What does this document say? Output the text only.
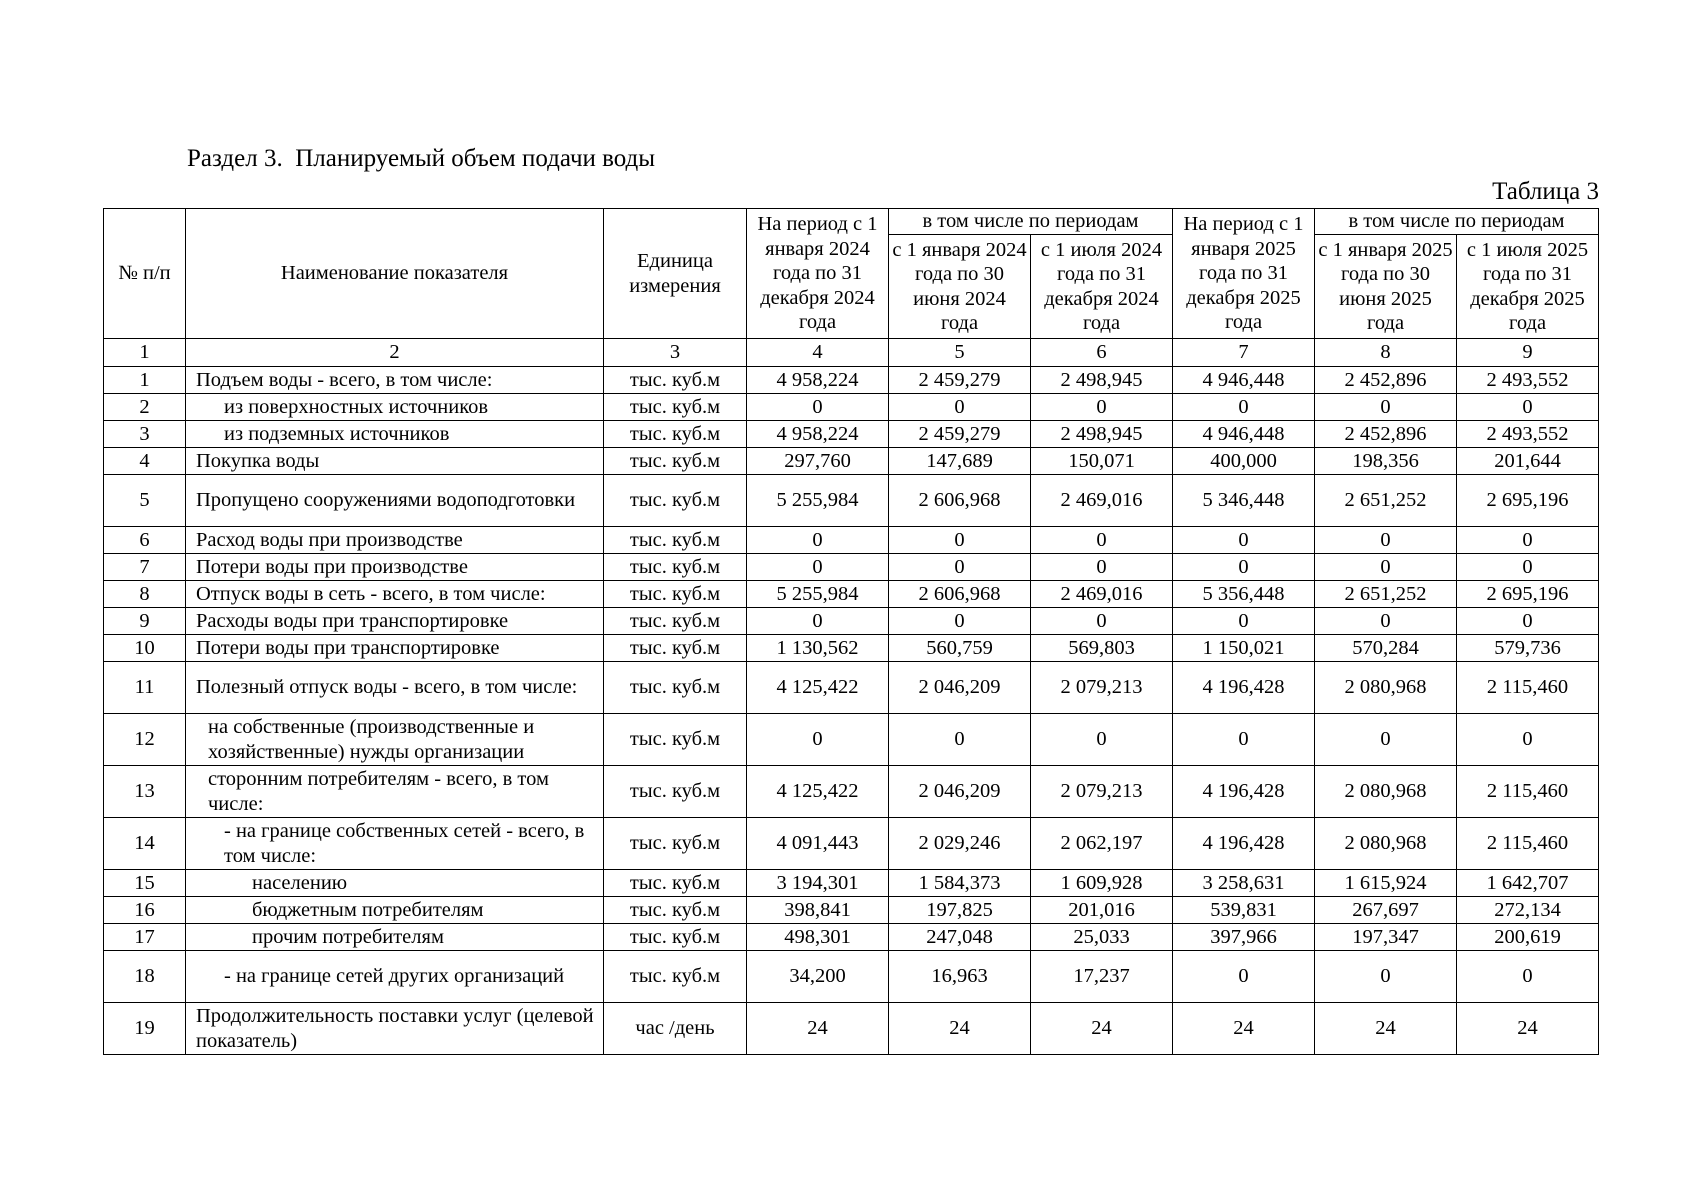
Раздел 3.  Планируемый объем подачи воды
Таблица 3
№ п/п	Наименование показателя	Единица измерения	На период с 1 января 2024 года по 31 декабря 2024 года	в том числе по периодам		На период с 1 января 2025 года по 31 декабря 2025 года	в том числе по периодам	
				с 1 января 2024 года по 30 июня 2024 года	с 1 июля 2024 года по 31 декабря 2024 года		с 1 января 2025 года по 30 июня 2025 года	с 1 июля 2025 года по 31 декабря 2025 года
1	2	3	4	5	6	7	8	9
1	Подъем воды - всего, в том числе:	тыс. куб.м	4 958,224	2 459,279	2 498,945	4 946,448	2 452,896	2 493,552
2	из поверхностных источников	тыс. куб.м	0	0	0	0	0	0
3	из подземных источников	тыс. куб.м	4 958,224	2 459,279	2 498,945	4 946,448	2 452,896	2 493,552
4	Покупка воды	тыс. куб.м	297,760	147,689	150,071	400,000	198,356	201,644
5	Пропущено сооружениями водоподготовки	тыс. куб.м	5 255,984	2 606,968	2 469,016	5 346,448	2 651,252	2 695,196
6	Расход воды при производстве	тыс. куб.м	0	0	0	0	0	0
7	Потери воды при производстве	тыс. куб.м	0	0	0	0	0	0
8	Отпуск воды в сеть - всего, в том числе:	тыс. куб.м	5 255,984	2 606,968	2 469,016	5 356,448	2 651,252	2 695,196
9	Расходы воды при транспортировке	тыс. куб.м	0	0	0	0	0	0
10	Потери воды при транспортировке	тыс. куб.м	1 130,562	560,759	569,803	1 150,021	570,284	579,736
11	Полезный отпуск воды - всего, в том числе:	тыс. куб.м	4 125,422	2 046,209	2 079,213	4 196,428	2 080,968	2 115,460
12	на собственные (производственные и хозяйственные) нужды организации	тыс. куб.м	0	0	0	0	0	0
13	сторонним потребителям - всего, в том числе:	тыс. куб.м	4 125,422	2 046,209	2 079,213	4 196,428	2 080,968	2 115,460
14	- на границе собственных сетей - всего, в том числе:	тыс. куб.м	4 091,443	2 029,246	2 062,197	4 196,428	2 080,968	2 115,460
15	населению	тыс. куб.м	3 194,301	1 584,373	1 609,928	3 258,631	1 615,924	1 642,707
16	бюджетным потребителям	тыс. куб.м	398,841	197,825	201,016	539,831	267,697	272,134
17	прочим потребителям	тыс. куб.м	498,301	247,048	25,033	397,966	197,347	200,619
18	- на границе сетей других организаций	тыс. куб.м	34,200	16,963	17,237	0	0	0
19	Продолжительность поставки услуг (целевой показатель)	час /день	24	24	24	24	24	24
